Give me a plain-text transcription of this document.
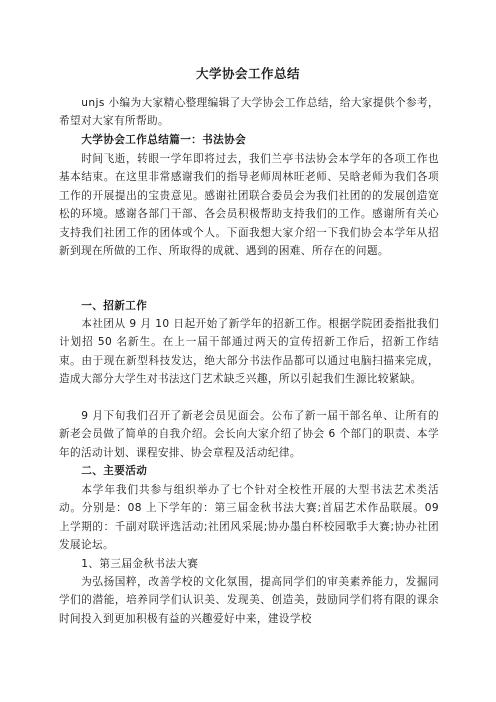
大学协会工作总结
unjs 小编为大家精心整理编辑了大学协会工作总结，给大家提供个参考，希望对大家有所帮助。
大学协会工作总结篇一：书法协会
时间飞逝，转眼一学年即将过去，我们兰亭书法协会本学年的各项工作也基本结束。在这里非常感谢我们的指导老师周林旺老师、吴晗老师为我们各项工作的开展提出的宝贵意见。感谢社团联合委员会为我们社团的的发展创造宽松的环境。感谢各部门干部、各会员积极帮助支持我们的工作。感谢所有关心支持我们社团工作的团体或个人。下面我想大家介绍一下我们协会本学年从招新到现在所做的工作、所取得的成就、遇到的困难、所存在的问题。
一、招新工作
本社团从 9 月 10 日起开始了新学年的招新工作。根据学院团委指批我们计划招 50 名新生。在上一届干部通过两天的宣传招新工作后，招新工作结束。由于现在新型科技发达，绝大部分书法作品都可以通过电脑扫描来完成，造成大部分大学生对书法这门艺术缺乏兴趣，所以引起我们生源比较紧缺。
9 月下旬我们召开了新老会员见面会。公布了新一届干部名单、让所有的新老会员做了简单的自我介绍。会长向大家介绍了协会 6 个部门的职责、本学年的活动计划、课程安排、协会章程及活动纪律。
二、主要活动
本学年我们共参与组织举办了七个针对全校性开展的大型书法艺术类活动。分别是：08 上下学年的：第三届金秋书法大赛;首届艺术作品联展。09 上学期的：千副对联评选活动;社团风采展;协办墨白杯校园歌手大赛;协办社团发展论坛。
1、第三届金秋书法大赛
为弘扬国粹，改善学校的文化氛围，提高同学们的审美素养能力，发掘同学们的潜能，培养同学们认识美、发现美、创造美，鼓励同学们将有限的课余时间投入到更加积极有益的兴趣爱好中来，建设学校
